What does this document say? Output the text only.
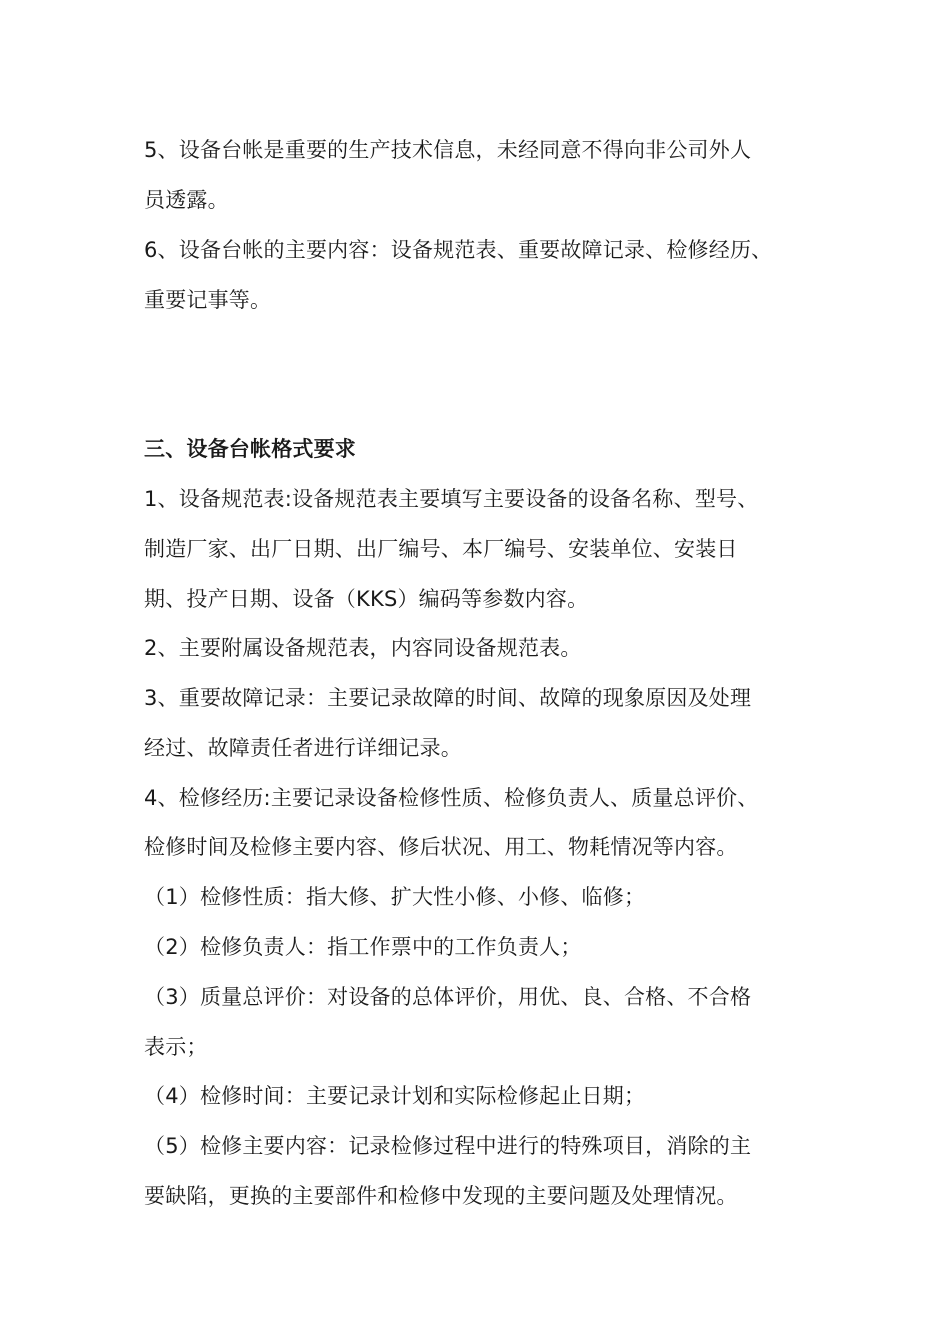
5、设备台帐是重要的生产技术信息，未经同意不得向非公司外人
员透露。
6、设备台帐的主要内容：设备规范表、重要故障记录、检修经历、
重要记事等。
三、设备台帐格式要求
1、设备规范表:设备规范表主要填写主要设备的设备名称、型号、
制造厂家、出厂日期、出厂编号、本厂编号、安装单位、安装日
期、投产日期、设备（KKS）编码等参数内容。
2、主要附属设备规范表，内容同设备规范表。
3、重要故障记录：主要记录故障的时间、故障的现象原因及处理
经过、故障责任者进行详细记录。
4、检修经历:主要记录设备检修性质、检修负责人、质量总评价、
检修时间及检修主要内容、修后状况、用工、物耗情况等内容。
（1）检修性质：指大修、扩大性小修、小修、临修；
（2）检修负责人：指工作票中的工作负责人；
（3）质量总评价：对设备的总体评价，用优、良、合格、不合格
表示；
（4）检修时间：主要记录计划和实际检修起止日期；
（5）检修主要内容：记录检修过程中进行的特殊项目，消除的主
要缺陷，更换的主要部件和检修中发现的主要问题及处理情况。
